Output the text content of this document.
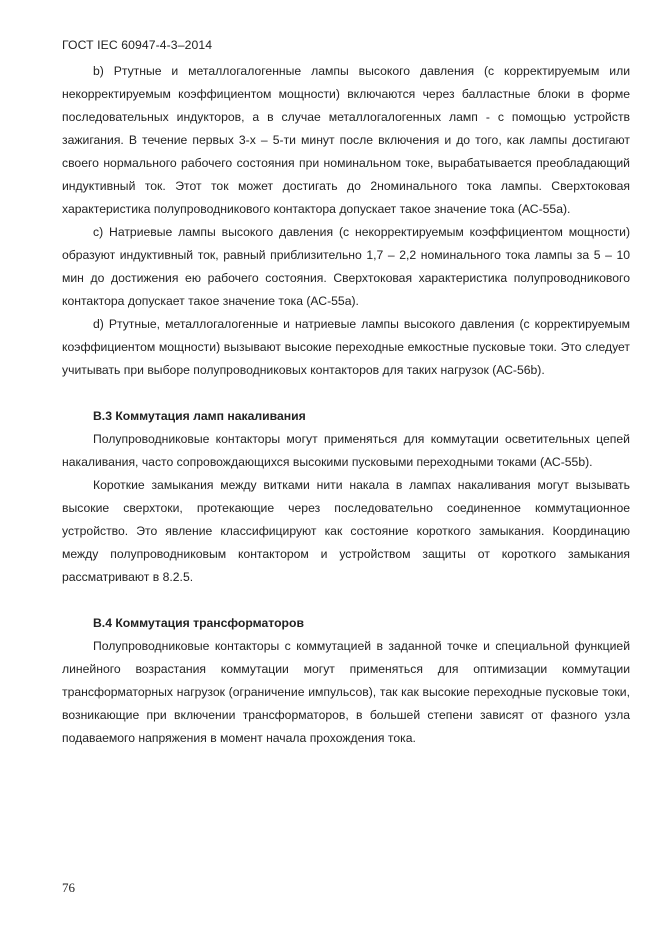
ГОСТ IEC 60947-4-3–2014

b) Ртутные и металлогалогенные лампы высокого давления (с корректируемым или некорректируемым коэффициентом мощности) включаются через балластные блоки в форме последовательных индукторов, а в случае металлогалогенных ламп - с помощью устройств зажигания. В течение первых 3-х – 5-ти минут после включения и до того, как лампы достигают своего нормального рабочего состояния при номинальном токе, вырабатывается преобладающий индуктивный ток. Этот ток может достигать до 2номинального тока лампы. Сверхтоковая характеристика полупроводникового контактора допускает такое значение тока (АС-55а).

c) Натриевые лампы высокого давления (с некорректируемым коэффициентом мощности) образуют индуктивный ток, равный приблизительно 1,7 – 2,2 номинального тока лампы за 5 – 10 мин до достижения ею рабочего состояния. Сверхтоковая характеристика полупроводникового контактора допускает такое значение тока (АС-55а).

d) Ртутные, металлогалогенные и натриевые лампы высокого давления (с корректируемым коэффициентом мощности) вызывают высокие переходные емкостные пусковые токи. Это следует учитывать при выборе полупроводниковых контакторов для таких нагрузок (АС-56b).

В.3 Коммутация ламп накаливания

Полупроводниковые контакторы могут применяться для коммутации осветительных цепей накаливания, часто сопровождающихся высокими пусковыми переходными токами (АС-55b).

Короткие замыкания между витками нити накала в лампах накаливания могут вызывать высокие сверхтоки, протекающие через последовательно соединенное коммутационное устройство. Это явление классифицируют как состояние короткого замыкания. Координацию между полупроводниковым контактором и устройством защиты от короткого замыкания рассматривают в 8.2.5.

В.4 Коммутация трансформаторов

Полупроводниковые контакторы с коммутацией в заданной точке и специальной функцией линейного возрастания коммутации могут применяться для оптимизации коммутации трансформаторных нагрузок (ограничение импульсов), так как высокие переходные пусковые токи, возникающие при включении трансформаторов, в большей степени зависят от фазного узла подаваемого напряжения в момент начала прохождения тока.

76
